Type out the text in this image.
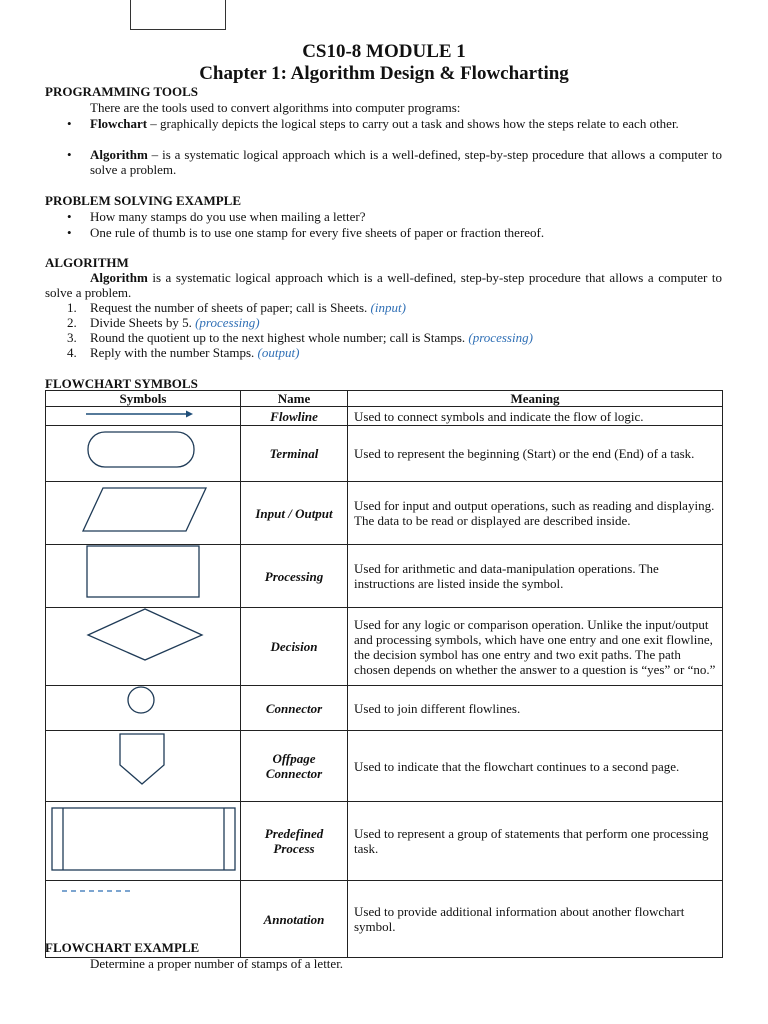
CS10-8 MODULE 1
Chapter 1: Algorithm Design & Flowcharting
PROGRAMMING TOOLS
There are the tools used to convert algorithms into computer programs:
• Flowchart – graphically depicts the logical steps to carry out a task and shows how the steps relate to each other.
• Algorithm – is a systematic logical approach which is a well-defined, step-by-step procedure that allows a computer to solve a problem.
PROBLEM SOLVING EXAMPLE
• How many stamps do you use when mailing a letter?
• One rule of thumb is to use one stamp for every five sheets of paper or fraction thereof.
ALGORITHM
Algorithm is a systematic logical approach which is a well-defined, step-by-step procedure that allows a computer to solve a problem.
1. Request the number of sheets of paper; call is Sheets. (input)
2. Divide Sheets by 5. (processing)
3. Round the quotient up to the next highest whole number; call is Stamps. (processing)
4. Reply with the number Stamps. (output)
FLOWCHART SYMBOLS
Symbols	Name	Meaning
	Flowline	Used to connect symbols and indicate the flow of logic.
	Terminal	Used to represent the beginning (Start) or the end (End) of a task.
	Input / Output	Used for input and output operations, such as reading and displaying. The data to be read or displayed are described inside.
	Processing	Used for arithmetic and data-manipulation operations. The instructions are listed inside the symbol.
	Decision	Used for any logic or comparison operation. Unlike the input/output and processing symbols, which have one entry and one exit flowline, the decision symbol has one entry and two exit paths. The path chosen depends on whether the answer to a question is “yes” or “no.”
	Connector	Used to join different flowlines.
	Offpage
Connector	Used to indicate that the flowchart continues to a second page.
	Predefined
Process	Used to represent a group of statements that perform one processing task.
	Annotation	Used to provide additional information about another flowchart symbol.
FLOWCHART EXAMPLE
Determine a proper number of stamps of a letter.
